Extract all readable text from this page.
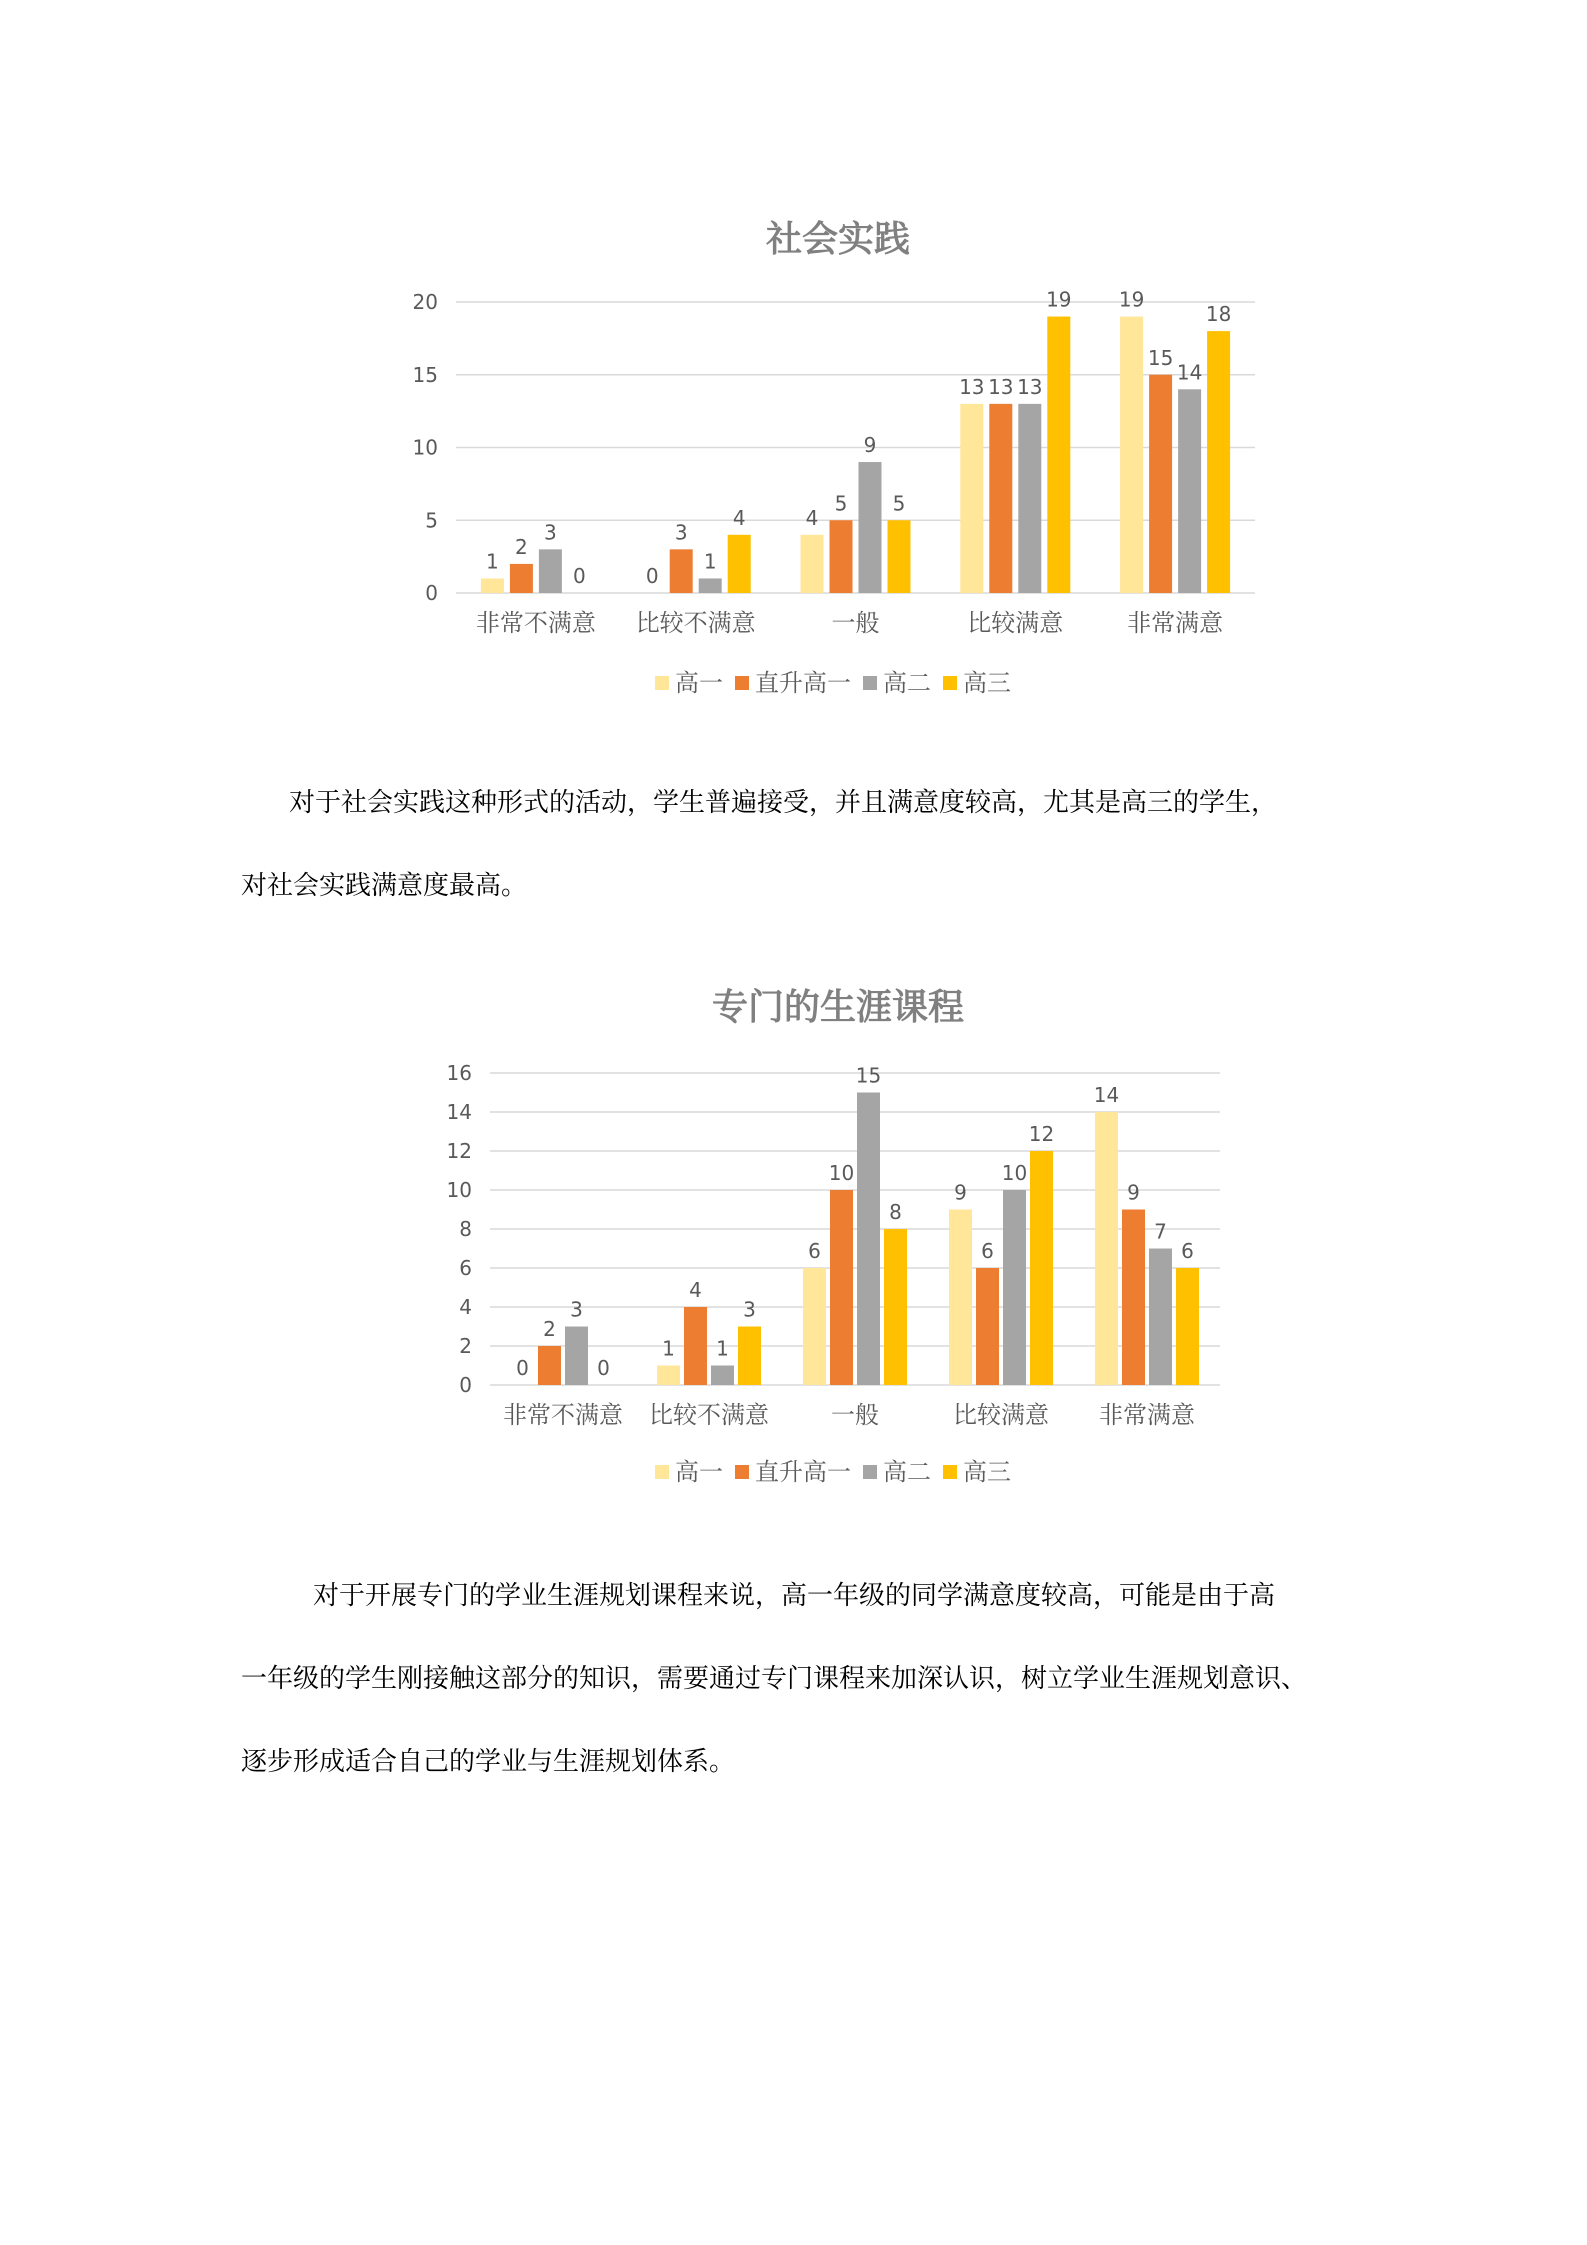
社会实践
0
5
10
15
20
1
2
3
0
非常不满意
0
3
1
4
比较不满意
4
5
9
5
一般
13 13 13
19
比较满意
19
15
14
18
非常满意
高一 直升高一 高二 高三

对于社会实践这种形式的活动，学生普遍接受，并且满意度较高，尤其是高三的学生，
对社会实践满意度最高。

专门的生涯课程
0
2
4
6
8
10
12
14
16
0
2
3
0
非常不满意
1
4
1
3
比较不满意
6
10
15
8
一般
9
6
10
12
比较满意
14
9
7
6
非常满意
高一 直升高一 高二 高三

对于开展专门的学业生涯规划课程来说，高一年级的同学满意度较高，可能是由于高
一年级的学生刚接触这部分的知识，需要通过专门课程来加深认识，树立学业生涯规划意识、
逐步形成适合自己的学业与生涯规划体系。
